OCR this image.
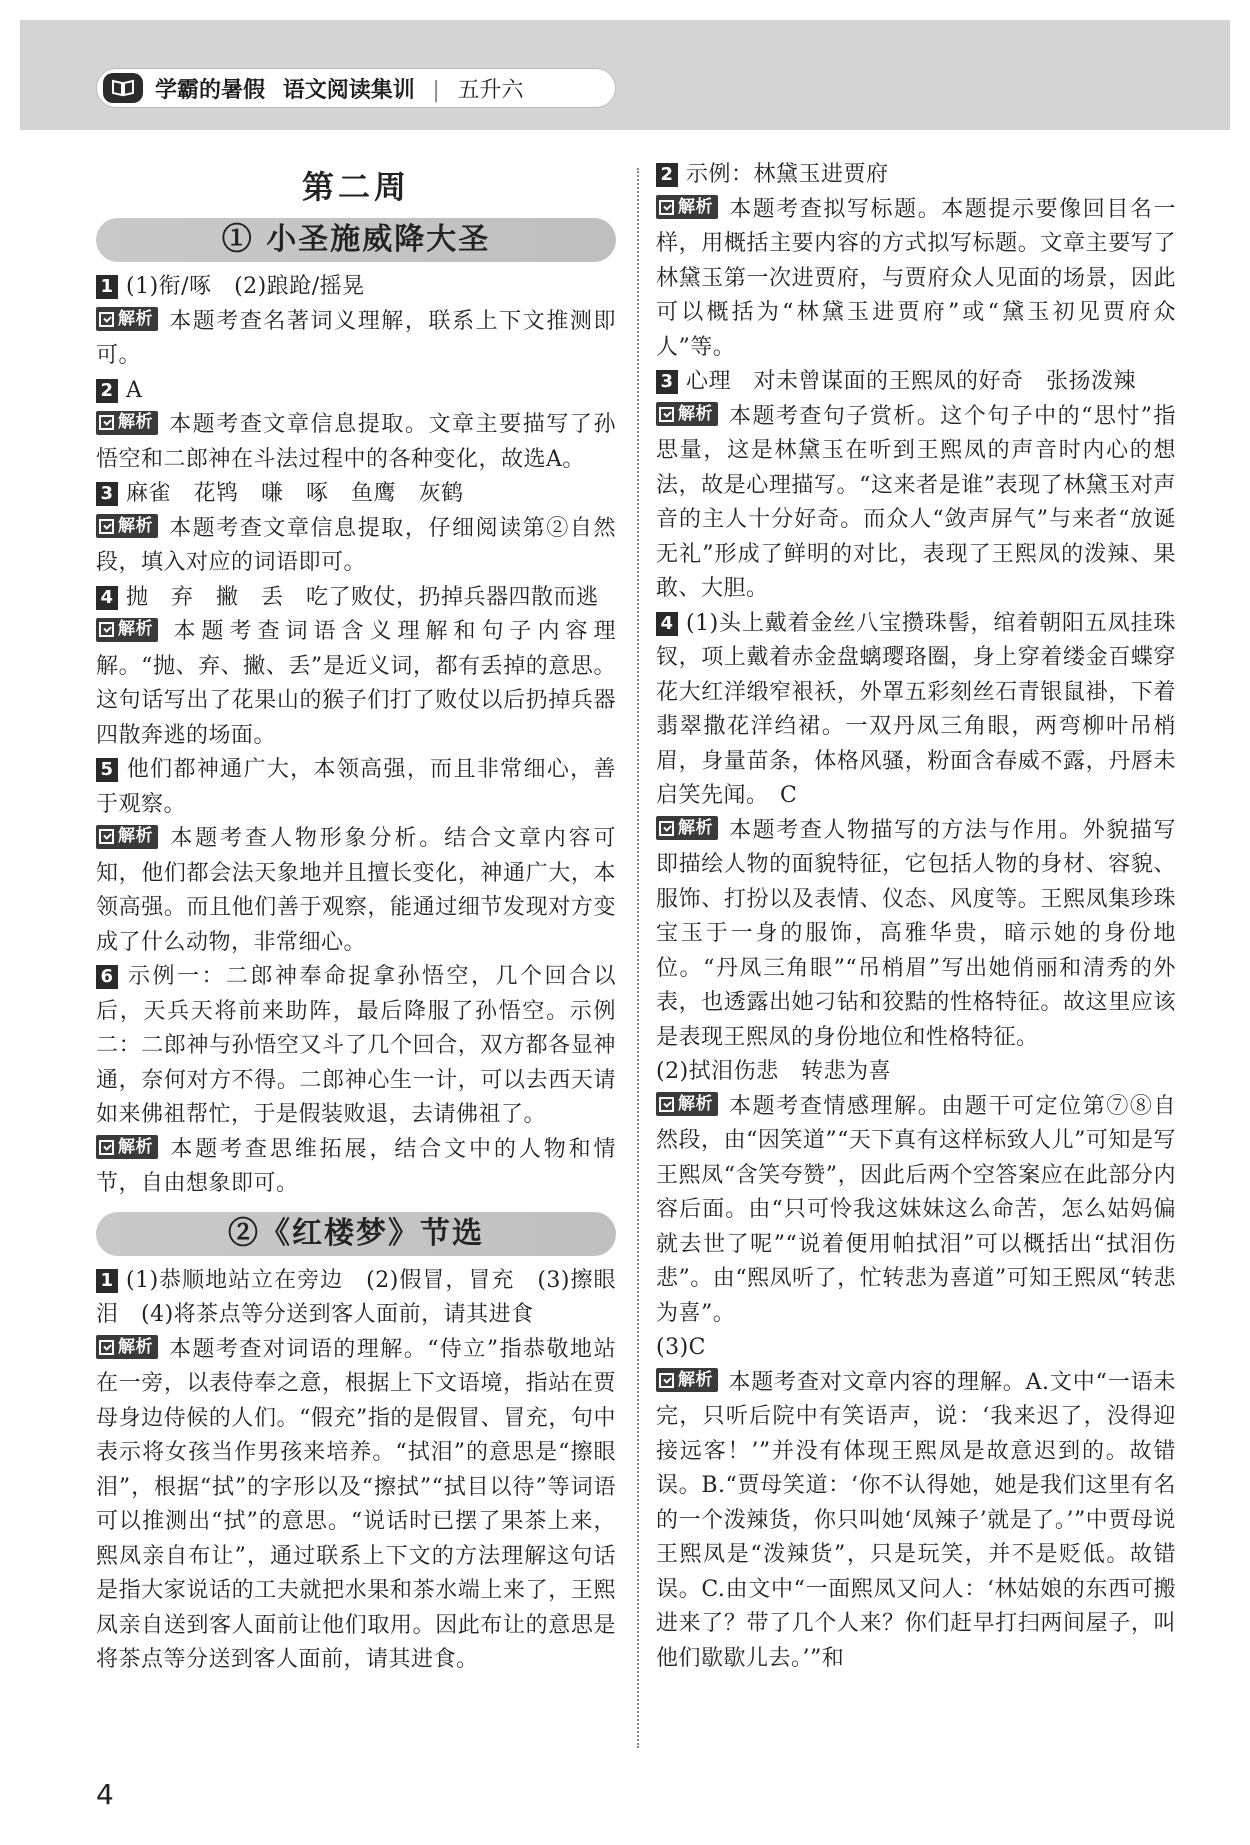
学霸的暑假 语文阅读集训 | 五升六
第二周
① 小圣施威降大圣
1 (1)衔/啄　(2)踉跄/摇晃
解析 本题考查名著词义理解，联系上下文推测即可。
2 A
解析 本题考查文章信息提取。文章主要描写了孙悟空和二郎神在斗法过程中的各种变化，故选A。
3 麻雀　花鸨　嗛　啄　鱼鹰　灰鹤
解析 本题考查文章信息提取，仔细阅读第②自然段，填入对应的词语即可。
4 抛　弃　撇　丢　吃了败仗，扔掉兵器四散而逃
解析 本题考查词语含义理解和句子内容理解。“抛、弃、撇、丢”是近义词，都有丢掉的意思。这句话写出了花果山的猴子们打了败仗以后扔掉兵器四散奔逃的场面。
5 他们都神通广大，本领高强，而且非常细心，善于观察。
解析 本题考查人物形象分析。结合文章内容可知，他们都会法天象地并且擅长变化，神通广大，本领高强。而且他们善于观察，能通过细节发现对方变成了什么动物，非常细心。
6 示例一：二郎神奉命捉拿孙悟空，几个回合以后，天兵天将前来助阵，最后降服了孙悟空。示例二：二郎神与孙悟空又斗了几个回合，双方都各显神通，奈何对方不得。二郎神心生一计，可以去西天请如来佛祖帮忙，于是假装败退，去请佛祖了。
解析 本题考查思维拓展，结合文中的人物和情节，自由想象即可。
②《红楼梦》节选
1 (1)恭顺地站立在旁边　(2)假冒，冒充　(3)擦眼泪　(4)将茶点等分送到客人面前，请其进食
解析 本题考查对词语的理解。“侍立”指恭敬地站在一旁，以表侍奉之意，根据上下文语境，指站在贾母身边侍候的人们。“假充”指的是假冒、冒充，句中表示将女孩当作男孩来培养。“拭泪”的意思是“擦眼泪”，根据“拭”的字形以及“擦拭”“拭目以待”等词语可以推测出“拭”的意思。“说话时已摆了果茶上来，熙凤亲自布让”，通过联系上下文的方法理解这句话是指大家说话的工夫就把水果和茶水端上来了，王熙凤亲自送到客人面前让他们取用。因此布让的意思是将茶点等分送到客人面前，请其进食。
2 示例：林黛玉进贾府
解析 本题考查拟写标题。本题提示要像回目名一样，用概括主要内容的方式拟写标题。文章主要写了林黛玉第一次进贾府，与贾府众人见面的场景，因此可以概括为“林黛玉进贾府”或“黛玉初见贾府众人”等。
3 心理　对未曾谋面的王熙凤的好奇　张扬泼辣
解析 本题考查句子赏析。这个句子中的“思忖”指思量，这是林黛玉在听到王熙凤的声音时内心的想法，故是心理描写。“这来者是谁”表现了林黛玉对声音的主人十分好奇。而众人“敛声屏气”与来者“放诞无礼”形成了鲜明的对比，表现了王熙凤的泼辣、果敢、大胆。
4 (1)头上戴着金丝八宝攒珠髻，绾着朝阳五凤挂珠钗，项上戴着赤金盘螭璎珞圈，身上穿着缕金百蝶穿花大红洋缎窄裉袄，外罩五彩刻丝石青银鼠褂，下着翡翠撒花洋绉裙。一双丹凤三角眼，两弯柳叶吊梢眉，身量苗条，体格风骚，粉面含春威不露，丹唇未启笑先闻。　C
解析 本题考查人物描写的方法与作用。外貌描写即描绘人物的面貌特征，它包括人物的身材、容貌、服饰、打扮以及表情、仪态、风度等。王熙凤集珍珠宝玉于一身的服饰，高雅华贵，暗示她的身份地位。“丹凤三角眼”“吊梢眉”写出她俏丽和清秀的外表，也透露出她刁钻和狡黠的性格特征。故这里应该是表现王熙凤的身份地位和性格特征。
(2)拭泪伤悲　转悲为喜
解析 本题考查情感理解。由题干可定位第⑦⑧自然段，由“因笑道”“天下真有这样标致人儿”可知是写王熙凤“含笑夸赞”，因此后两个空答案应在此部分内容后面。由“只可怜我这妹妹这么命苦，怎么姑妈偏就去世了呢”“说着便用帕拭泪”可以概括出“拭泪伤悲”。由“熙凤听了，忙转悲为喜道”可知王熙凤“转悲为喜”。
(3)C
解析 本题考查对文章内容的理解。A.文中“一语未完，只听后院中有笑语声，说：‘我来迟了，没得迎接远客！’”并没有体现王熙凤是故意迟到的。故错误。B.“贾母笑道：‘你不认得她，她是我们这里有名的一个泼辣货，你只叫她‘凤辣子’就是了。’”中贾母说王熙凤是“泼辣货”，只是玩笑，并不是贬低。故错误。C.由文中“一面熙凤又问人：‘林姑娘的东西可搬进来了？带了几个人来？你们赶早打扫两间屋子，叫他们歇歇儿去。’”和
4
